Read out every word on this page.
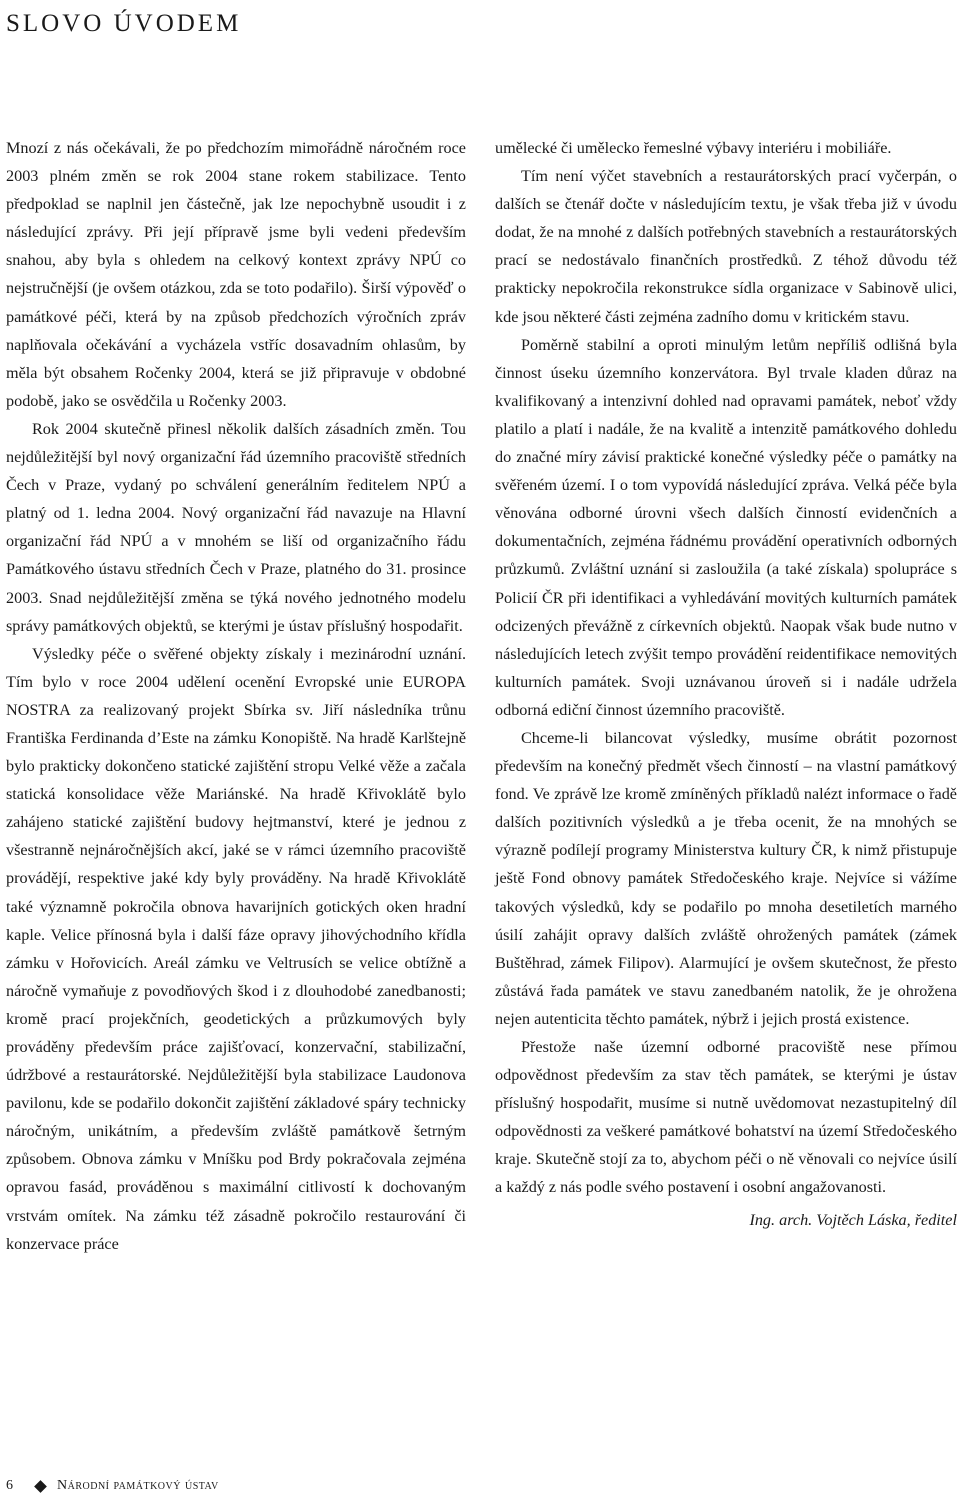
SLOVO ÚVODEM

Mnozí z nás očekávali, že po předchozím mimořádně náročném roce 2003 plném změn se rok 2004 stane rokem stabilizace. Tento předpoklad se naplnil jen částečně, jak lze nepochybně usoudit i z následující zprávy. Při její přípravě jsme byli vedeni především snahou, aby byla s ohledem na celkový kontext zprávy NPÚ co nejstručnější (je ovšem otázkou, zda se toto podařilo). Širší výpověď o památkové péči, která by na způsob předchozích výročních zpráv naplňovala očekávání a vycházela vstříc dosavadním ohlasům, by měla být obsahem Ročenky 2004, která se již připravuje v obdobné podobě, jako se osvědčila u Ročenky 2003.

Rok 2004 skutečně přinesl několik dalších zásadních změn. Tou nejdůležitější byl nový organizační řád územního pracoviště středních Čech v Praze, vydaný po schválení generálním ředitelem NPÚ a platný od 1. ledna 2004. Nový organizační řád navazuje na Hlavní organizační řád NPÚ a v mnohém se liší od organizačního řádu Památkového ústavu středních Čech v Praze, platného do 31. prosince 2003. Snad nejdůležitější změna se týká nového jednotného modelu správy památkových objektů, se kterými je ústav příslušný hospodařit.

Výsledky péče o svěřené objekty získaly i mezinárodní uznání. Tím bylo v roce 2004 udělení ocenění Evropské unie EUROPA NOSTRA za realizovaný projekt Sbírka sv. Jiří následníka trůnu Františka Ferdinanda d’Este na zámku Konopiště. Na hradě Karlštejně bylo prakticky dokončeno statické zajištění stropu Velké věže a začala statická konsolidace věže Mariánské. Na hradě Křivoklátě bylo zahájeno statické zajištění budovy hejtmanství, které je jednou z všestranně nejnáročnějších akcí, jaké se v rámci územního pracoviště provádějí, respektive jaké kdy byly prováděny. Na hradě Křivoklátě také významně pokročila obnova havarijních gotických oken hradní kaple. Velice přínosná byla i další fáze opravy jihovýchodního křídla zámku v Hořovicích. Areál zámku ve Veltrusích se velice obtížně a náročně vymaňuje z povodňových škod i z dlouhodobé zanedbanosti; kromě prací projekčních, geodetických a průzkumových byly prováděny především práce zajišťovací, konzervační, stabilizační, údržbové a restaurátorské. Nejdůležitější byla stabilizace Laudonova pavilonu, kde se podařilo dokončit zajištění základové spáry technicky náročným, unikátním, a především zvláště památkově šetrným způsobem. Obnova zámku v Mníšku pod Brdy pokračovala zejména opravou fasád, prováděnou s maximální citlivostí k dochovaným vrstvám omítek. Na zámku též zásadně pokročilo restaurování či konzervace práce

umělecké či umělecko řemeslné výbavy interiéru i mobiliáře.

Tím není výčet stavebních a restaurátorských prací vyčerpán, o dalších se čtenář dočte v následujícím textu, je však třeba již v úvodu dodat, že na mnohé z dalších potřebných stavebních a restaurátorských prací se nedostávalo finančních prostředků. Z téhož důvodu též prakticky nepokročila rekonstrukce sídla organizace v Sabinově ulici, kde jsou některé části zejména zadního domu v kritickém stavu.

Poměrně stabilní a oproti minulým letům nepříliš odlišná byla činnost úseku územního konzervátora. Byl trvale kladen důraz na kvalifikovaný a intenzivní dohled nad opravami památek, neboť vždy platilo a platí i nadále, že na kvalitě a intenzitě památkového dohledu do značné míry závisí praktické konečné výsledky péče o památky na svěřeném území. I o tom vypovídá následující zpráva. Velká péče byla věnována odborné úrovni všech dalších činností evidenčních a dokumentačních, zejména řádnému provádění operativních odborných průzkumů. Zvláštní uznání si zasloužila (a také získala) spolupráce s Policií ČR při identifikaci a vyhledávání movitých kulturních památek odcizených převážně z církevních objektů. Naopak však bude nutno v následujících letech zvýšit tempo provádění reidentifikace nemovitých kulturních památek. Svoji uznávanou úroveň si i nadále udržela odborná ediční činnost územního pracoviště.

Chceme-li bilancovat výsledky, musíme obrátit pozornost především na konečný předmět všech činností – na vlastní památkový fond. Ve zprávě lze kromě zmíněných příkladů nalézt informace o řadě dalších pozitivních výsledků a je třeba ocenit, že na mnohých se výrazně podílejí programy Ministerstva kultury ČR, k nimž přistupuje ještě Fond obnovy památek Středočeského kraje. Nejvíce si vážíme takových výsledků, kdy se podařilo po mnoha desetiletích marného úsilí zahájit opravy dalších zvláště ohrožených památek (zámek Buštěhrad, zámek Filipov). Alarmující je ovšem skutečnost, že přesto zůstává řada památek ve stavu zanedbaném natolik, že je ohrožena nejen autenticita těchto památek, nýbrž i jejich prostá existence.

Přestože naše územní odborné pracoviště nese přímou odpovědnost především za stav těch památek, se kterými je ústav příslušný hospodařit, musíme si nutně uvědomovat nezastupitelný díl odpovědnosti za veškeré památkové bohatství na území Středočeského kraje. Skutečně stojí za to, abychom péči o ně věnovali co nejvíce úsilí a každý z nás podle svého postavení i osobní angažovanosti.

Ing. arch. Vojtěch Láska, ředitel

6	Národní památkový ústav
